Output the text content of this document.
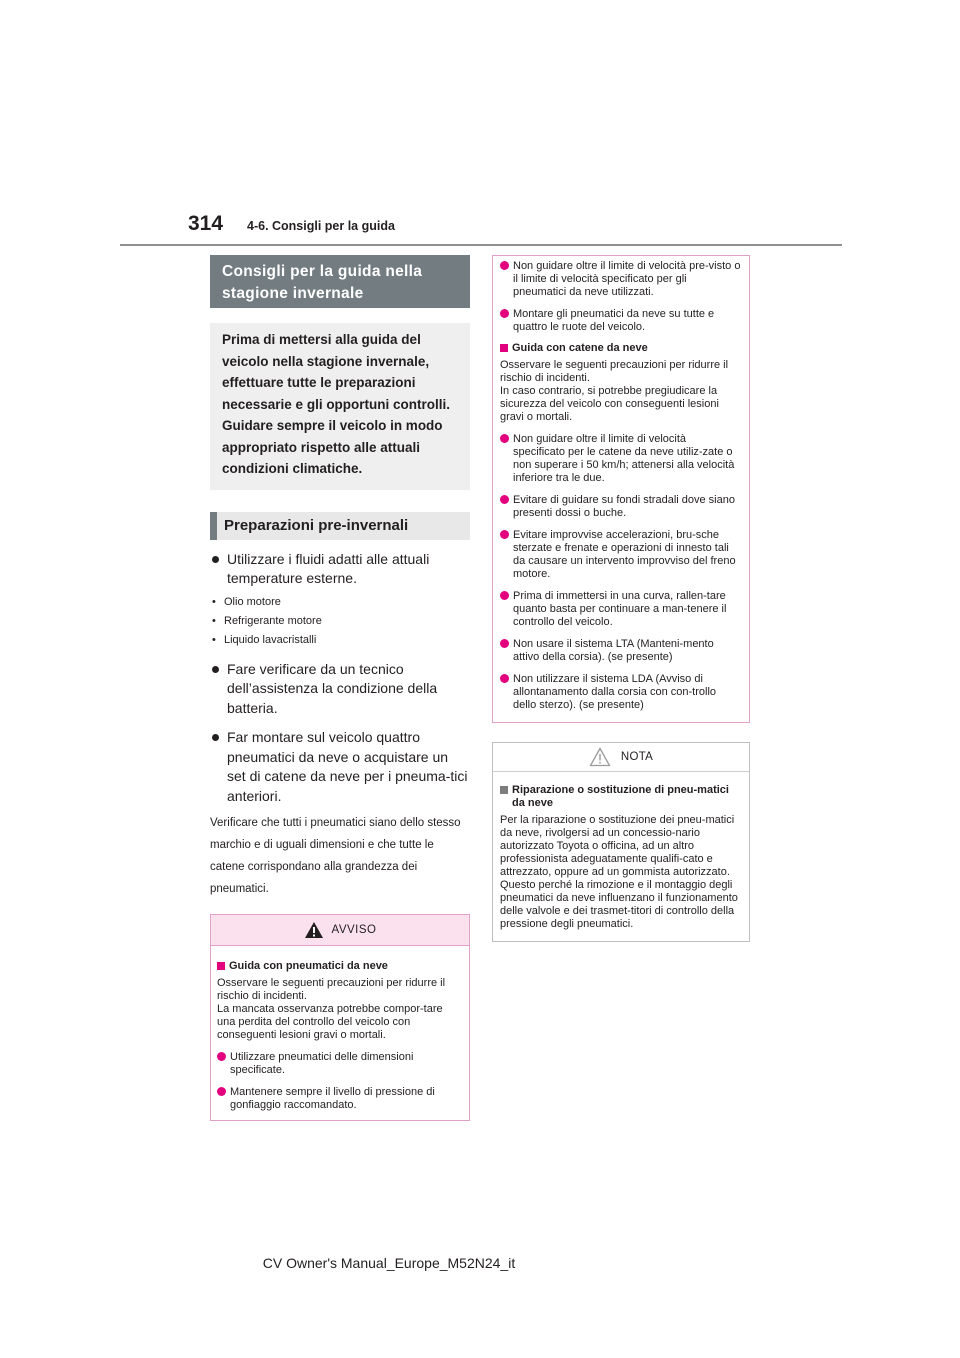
314 4-6. Consigli per la guida
Consigli per la guida nella stagione invernale
Prima di mettersi alla guida del veicolo nella stagione invernale, effettuare tutte le preparazioni necessarie e gli opportuni controlli. Guidare sempre il veicolo in modo appropriato rispetto alle attuali condizioni climatiche.
Preparazioni pre-invernali
Utilizzare i fluidi adatti alle attuali temperature esterne.
• Olio motore
• Refrigerante motore
• Liquido lavacristalli
Fare verificare da un tecnico dell’assistenza la condizione della batteria.
Far montare sul veicolo quattro pneumatici da neve o acquistare un set di catene da neve per i pneuma-tici anteriori.
Verificare che tutti i pneumatici siano dello stesso marchio e di uguali dimensioni e che tutte le catene corrispondano alla grandezza dei pneumatici.
AVVISO
Guida con pneumatici da neve
Osservare le seguenti precauzioni per ridurre il rischio di incidenti.
La mancata osservanza potrebbe compor-tare una perdita del controllo del veicolo con conseguenti lesioni gravi o mortali.
Utilizzare pneumatici delle dimensioni specificate.
Mantenere sempre il livello di pressione di gonfiaggio raccomandato.
Non guidare oltre il limite di velocità pre-visto o il limite di velocità specificato per gli pneumatici da neve utilizzati.
Montare gli pneumatici da neve su tutte e quattro le ruote del veicolo.
Guida con catene da neve
Osservare le seguenti precauzioni per ridurre il rischio di incidenti.
In caso contrario, si potrebbe pregiudicare la sicurezza del veicolo con conseguenti lesioni gravi o mortali.
Non guidare oltre il limite di velocità specificato per le catene da neve utiliz-zate o non superare i 50 km/h; attenersi alla velocità inferiore tra le due.
Evitare di guidare su fondi stradali dove siano presenti dossi o buche.
Evitare improvvise accelerazioni, bru-sche sterzate e frenate e operazioni di innesto tali da causare un intervento improvviso del freno motore.
Prima di immettersi in una curva, rallen-tare quanto basta per continuare a man-tenere il controllo del veicolo.
Non usare il sistema LTA (Manteni-mento attivo della corsia). (se presente)
Non utilizzare il sistema LDA (Avviso di allontanamento dalla corsia con con-trollo dello sterzo). (se presente)
NOTA
Riparazione o sostituzione di pneu-matici da neve
Per la riparazione o sostituzione dei pneu-matici da neve, rivolgersi ad un concessio-nario autorizzato Toyota o officina, ad un altro professionista adeguatamente qualifi-cato e attrezzato, oppure ad un gommista autorizzato.
Questo perché la rimozione e il montaggio degli pneumatici da neve influenzano il funzionamento delle valvole e dei trasmet-titori di controllo della pressione degli pneumatici.
CV Owner's Manual_Europe_M52N24_it
